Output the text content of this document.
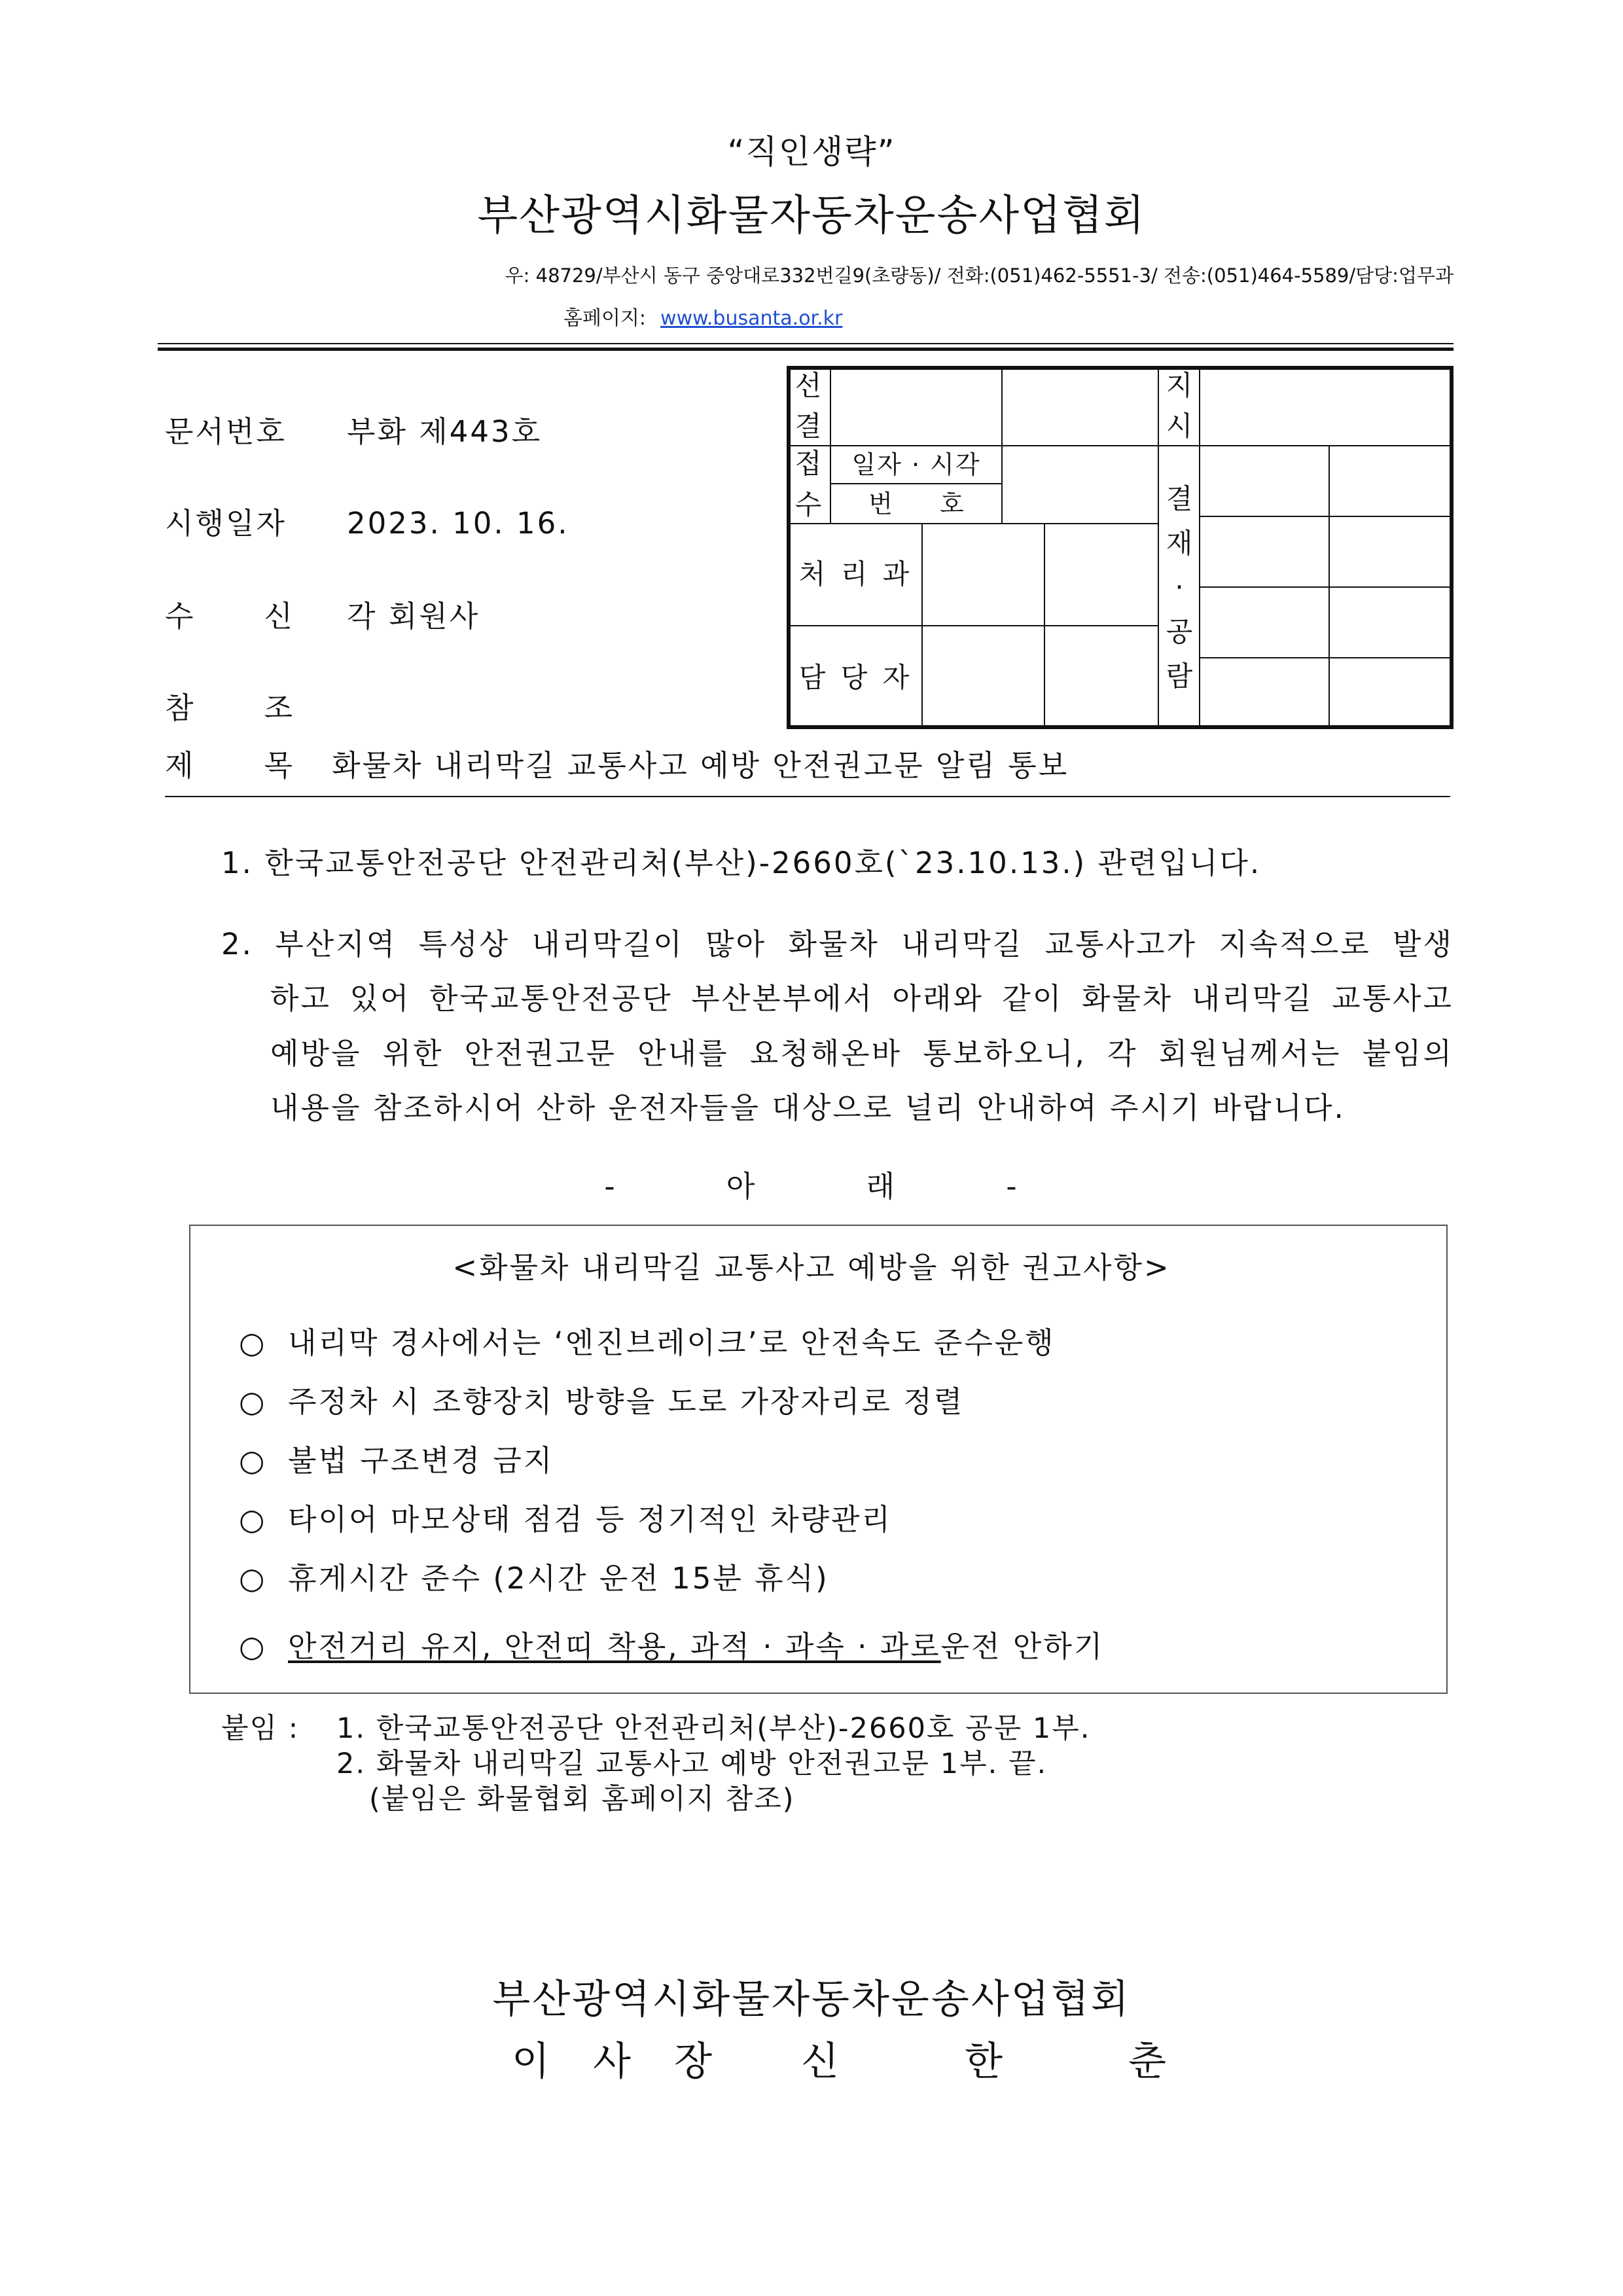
“직인생략”
부산광역시화물자동차운송사업협회
우: 48729/부산시 동구 중앙대로332번길9(초량동)/ 전화:(051)462-5551-3/ 전송:(051)464-5589/담당:업무과
홈페이지: www.busanta.or.kr
문서번호 부화 제443호
시행일자 2023. 10. 16.
수 신 각 회원사
참 조
제 목 화물차 내리막길 교통사고 예방 안전권고문 알림 통보
선
결
지
시
접
수
일자 · 시각
번 호	결
재
·
공
람
처 리 과
담 당 자
1. 한국교통안전공단 안전관리처(부산)-2660호(`23.10.13.) 관련입니다.
2. 부산지역 특성상 내리막길이 많아 화물차 내리막길 교통사고가 지속적으로 발생
하고 있어 한국교통안전공단 부산본부에서 아래와 같이 화물차 내리막길 교통사고
예방을 위한 안전권고문 안내를 요청해온바 통보하오니, 각 회원님께서는 붙임의
내용을 참조하시어 산하 운전자들을 대상으로 널리 안내하여 주시기 바랍니다.
- 아 래 -
<화물차 내리막길 교통사고 예방을 위한 권고사항>
○ 내리막 경사에서는 ‘엔진브레이크’로 안전속도 준수운행
○ 주정차 시 조향장치 방향을 도로 가장자리로 정렬
○ 불법 구조변경 금지
○ 타이어 마모상태 점검 등 정기적인 차량관리
○ 휴게시간 준수 (2시간 운전 15분 휴식)
○ 안전거리 유지, 안전띠 착용, 과적 · 과속 · 과로운전 안하기
붙임 : 1. 한국교통안전공단 안전관리처(부산)-2660호 공문 1부.
2. 화물차 내리막길 교통사고 예방 안전권고문 1부. 끝.
(붙임은 화물협회 홈페이지 참조)
부산광역시화물자동차운송사업협회
이 사 장 신 한 춘
